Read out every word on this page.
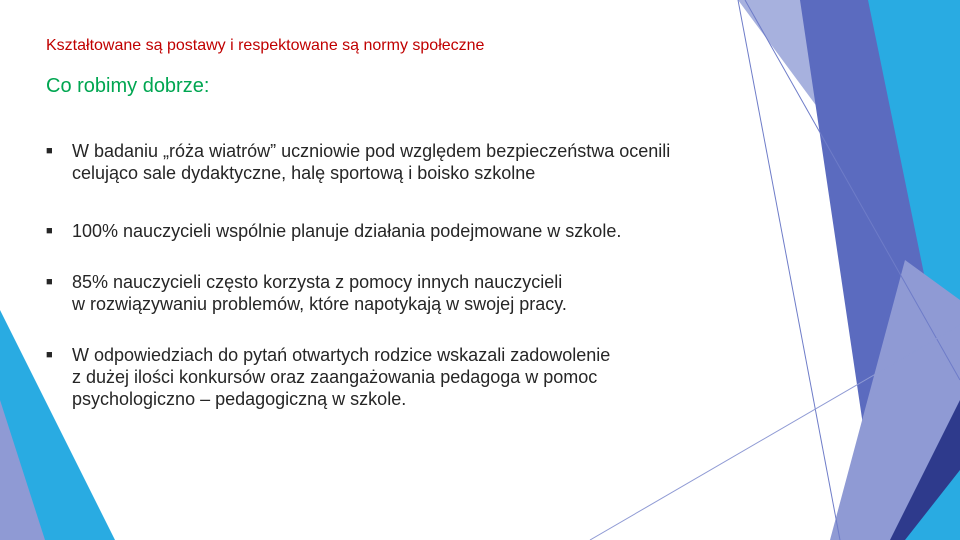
Kształtowane są postawy i respektowane są normy społeczne
Co robimy dobrze:
■	W badaniu „róża wiatrów” uczniowie pod względem bezpieczeństwa ocenili
celująco sale dydaktyczne, halę sportową i boisko szkolne
■	100% nauczycieli wspólnie planuje działania podejmowane w szkole.
■	85% nauczycieli często korzysta z pomocy innych nauczycieli
w rozwiązywaniu problemów, które napotykają w swojej pracy.
■	W odpowiedziach do pytań otwartych rodzice wskazali zadowolenie
z dużej ilości konkursów oraz zaangażowania pedagoga w pomoc
psychologiczno – pedagogiczną w szkole.
